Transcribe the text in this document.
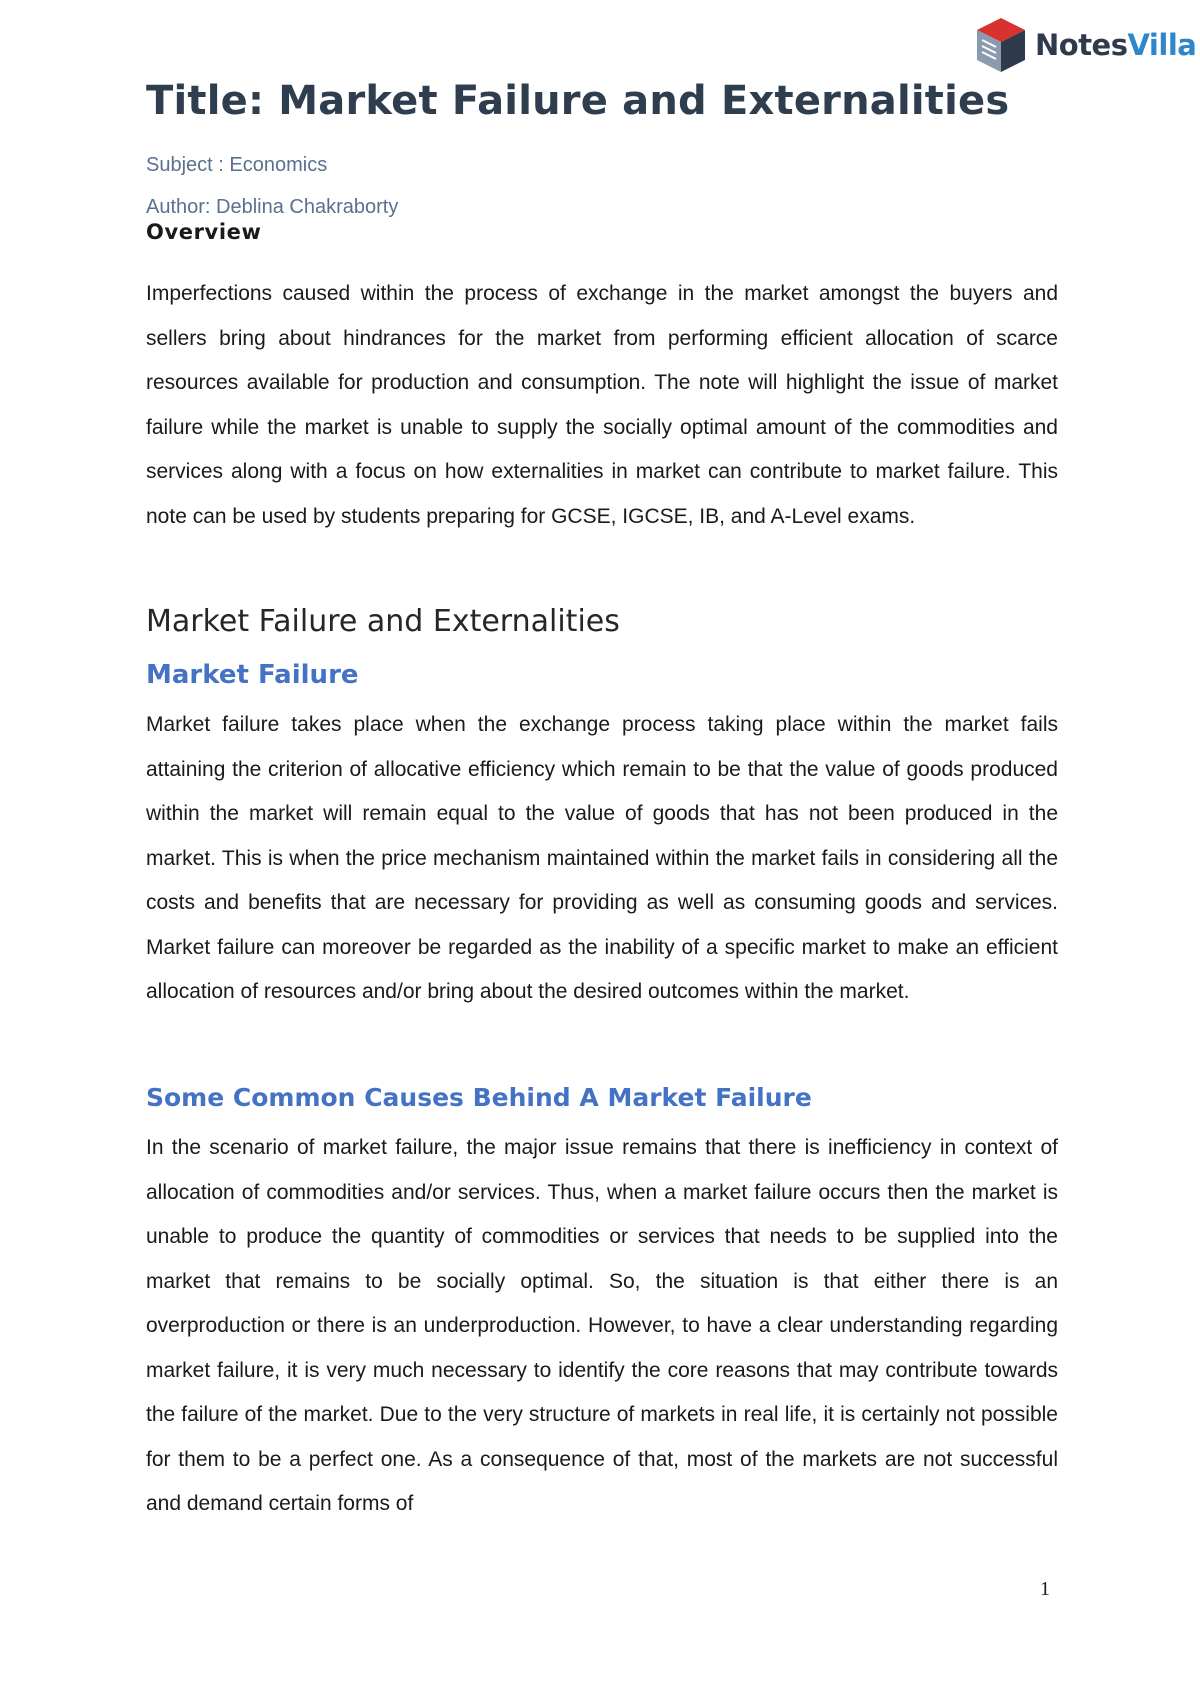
NotesVilla
Title: Market Failure and Externalities

Subject : Economics

Author: Deblina Chakraborty

Overview

Imperfections caused within the process of exchange in the market amongst the buyers and sellers bring about hindrances for the market from performing efficient allocation of scarce resources available for production and consumption. The note will highlight the issue of market failure while the market is unable to supply the socially optimal amount of the commodities and services along with a focus on how externalities in market can contribute to market failure. This note can be used by students preparing for GCSE, IGCSE, IB, and A-Level exams.

Market Failure and Externalities
Market Failure

Market failure takes place when the exchange process taking place within the market fails attaining the criterion of allocative efficiency which remain to be that the value of goods produced within the market will remain equal to the value of goods that has not been produced in the market. This is when the price mechanism maintained within the market fails in considering all the costs and benefits that are necessary for providing as well as consuming goods and services. Market failure can moreover be regarded as the inability of a specific market to make an efficient allocation of resources and/or bring about the desired outcomes within the market.

Some Common Causes Behind A Market Failure

In the scenario of market failure, the major issue remains that there is inefficiency in context of allocation of commodities and/or services. Thus, when a market failure occurs then the market is unable to produce the quantity of commodities or services that needs to be supplied into the market that remains to be socially optimal. So, the situation is that either there is an overproduction or there is an underproduction. However, to have a clear understanding regarding market failure, it is very much necessary to identify the core reasons that may contribute towards the failure of the market. Due to the very structure of markets in real life, it is certainly not possible for them to be a perfect one. As a consequence of that, most of the markets are not successful and demand certain forms of

1
